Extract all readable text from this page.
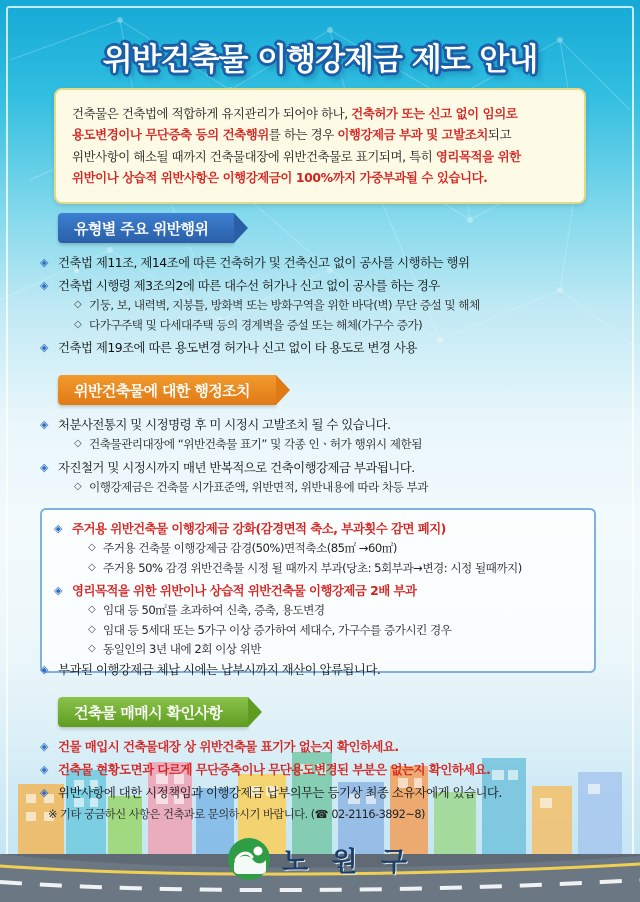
위반건축물 이행강제금 제도 안내
건축물은 건축법에 적합하게 유지관리가 되어야 하나, 건축허가 또는 신고 없이 임의로
용도변경이나 무단증축 등의 건축행위를 하는 경우 이행강제금 부과 및 고발조치되고
위반사항이 해소될 때까지 건축물대장에 위반건축물로 표기되며, 특히 영리목적을 위한
위반이나 상습적 위반사항은 이행강제금이 100%까지 가중부과될 수 있습니다.
유형별 주요 위반행위
◈ 건축법 제11조, 제14조에 따른 건축허가 및 건축신고 없이 공사를 시행하는 행위
◈ 건축법 시행령 제3조의2에 따른 대수선 허가나 신고 없이 공사를 하는 경우
◇ 기둥, 보, 내력벽, 지붕틀, 방화벽 또는 방화구역을 위한 바닥(벽) 무단 증설 및 해체
◇ 다가구주택 및 다세대주택 등의 경계벽을 증설 또는 해체(가구수 증가)
◈ 건축법 제19조에 따른 용도변경 허가나 신고 없이 타 용도로 변경 사용
위반건축물에 대한 행정조치
◈ 처분사전통지 및 시정명령 후 미 시정시 고발조치 될 수 있습니다.
◇ 건축물관리대장에 “위반건축물 표기” 및 각종 인ㆍ허가 행위시 제한됨
◈ 자진철거 및 시정시까지 매년 반복적으로 건축이행강제금 부과됩니다.
◇ 이행강제금은 건축물 시가표준액, 위반면적, 위반내용에 따라 차등 부과
◈ 주거용 위반건축물 이행강제금 강화(감경면적 축소, 부과횟수 감면 폐지)
◇ 주거용 건축물 이행강제금 감경(50%)면적축소(85㎡ →60㎡)
◇ 주거용 50% 감경 위반건축물 시정 될 때까지 부과(당초: 5회부과→변경: 시정 될때까지)
◈ 영리목적을 위한 위반이나 상습적 위반건축물 이행강제금 2배 부과
◇ 임대 등 50㎡를 초과하여 신축, 증축, 용도변경
◇ 임대 등 5세대 또는 5가구 이상 증가하여 세대수, 가구수를 증가시킨 경우
◇ 동일인의 3년 내에 2회 이상 위반
◈ 부과된 이행강제금 체납 시에는 납부시까지 재산이 압류됩니다.
건축물 매매시 확인사항
◈ 건물 매입시 건축물대장 상 위반건축물 표기가 없는지 확인하세요.
◈ 건축물 현황도면과 다르게 무단증축이나 무단용도변경된 부분은 없는지 확인하세요.
◈ 위반사항에 대한 시정책임과 이행강제금 납부의무는 등기상 최종 소유자에게 있습니다.
※ 기타 궁금하신 사항은 건축과로 문의하시기 바랍니다. (☎ 02-2116-3892~8)
노 원 구
